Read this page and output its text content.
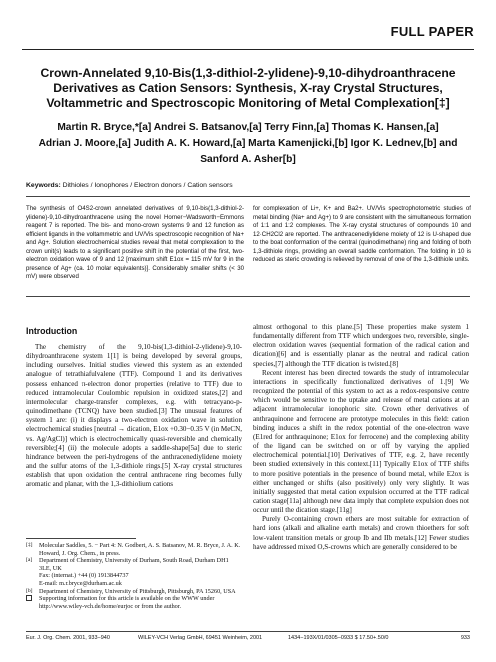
FULL PAPER
Crown-Annelated 9,10-Bis(1,3-dithiol-2-ylidene)-9,10-dihydroanthracene
Derivatives as Cation Sensors: Synthesis, X-ray Crystal Structures,
Voltammetric and Spectroscopic Monitoring of Metal Complexation[‡]
Martin R. Bryce,*[a] Andrei S. Batsanov,[a] Terry Finn,[a] Thomas K. Hansen,[a]
Adrian J. Moore,[a] Judith A. K. Howard,[a] Marta Kamenjicki,[b] Igor K. Lednev,[b] and
Sanford A. Asher[b]
Keywords: Dithioles / Ionophores / Electron donors / Cation sensors
The synthesis of O4S2-crown annelated derivatives of 9,10-bis(1,3-dithiol-2-ylidene)-9,10-dihydroanthracene using the novel Horner−Wadsworth−Emmons reagent 7 is reported. The bis- and mono-crown systems 9 and 12 function as efficient ligands in the voltammetric and UV/Vis spectroscopic recognition of Na+ and Ag+. Solution electrochemical studies reveal that metal complexation to the crown unit(s) leads to a significant positive shift in the potential of the first, two-electron oxidation wave of 9 and 12 [maximum shift E1ox = 115 mV for 9 in the presence of Ag+ (ca. 10 molar equivalents)]. Considerably smaller shifts (< 30 mV) were observed
for complexation of Li+, K+ and Ba2+. UV/Vis spectrophotometric studies of metal binding (Na+ and Ag+) to 9 are consistent with the simultaneous formation of 1:1 and 1:2 complexes. The X-ray crystal structures of compounds 10 and 12·CH2Cl2 are reported. The anthracenediylidene moiety of 12 is U-shaped due to the boat conformation of the central (quinodimethane) ring and folding of both 1,3-dithiole rings, providing an overall saddle conformation. The folding in 10 is reduced as steric crowding is relieved by removal of one of the 1,3-dithiole units.
Introduction

The chemistry of the 9,10-bis(1,3-dithiol-2-ylidene)-9,10-dihydroanthracene system 1[1] is being developed by several groups, including ourselves. Initial studies viewed this system as an extended analogue of tetrathiafulvalene (TTF). Compound 1 and its derivatives possess enhanced π-electron donor properties (relative to TTF) due to reduced intramolecular Coulombic repulsion in oxidized states,[2] and intermolecular charge-transfer complexes, e.g. with tetracyano-p-quinodimethane (TCNQ) have been studied.[3] The unusual features of system 1 are: (i) it displays a two-electron oxidation wave in solution electrochemical studies [neutral → dication, E1ox +0.30−0.35 V (in MeCN, vs. Ag/AgCl)] which is electrochemically quasi-reversible and chemically reversible;[4] (ii) the molecule adopts a saddle-shape[5a] due to steric hindrance between the peri-hydrogens of the anthracenediylidene moiety and the sulfur atoms of the 1,3-dithiole rings.[5] X-ray crystal structures establish that upon oxidation the central anthracene ring becomes fully aromatic and planar, with the 1,3-dithiolium cations

almost orthogonal to this plane.[5] These properties make system 1 fundamentally different from TTF which undergoes two, reversible, single-electron oxidation waves (sequential formation of the radical cation and dication)[6] and is essentially planar as the neutral and radical cation species,[7] although the TTF dication is twisted.[8]

Recent interest has been directed towards the study of intramolecular interactions in specifically functionalized derivatives of 1.[9] We recognized the potential of this system to act as a redox-responsive centre which would be sensitive to the uptake and release of metal cations at an adjacent intramolecular ionophoric site. Crown ether derivatives of anthraquinone and ferrocene are prototype molecules in this field: cation binding induces a shift in the redox potential of the one-electron wave (E1red for anthraquinone; E1ox for ferrocene) and the complexing ability of the ligand can be switched on or off by varying the applied electrochemical potential.[10] Derivatives of TTF, e.g. 2, have recently been studied extensively in this context.[11] Typically E1ox of TTF shifts to more positive potentials in the presence of bound metal, while E2ox is either unchanged or shifts (also positively) only very slightly. It was initially suggested that metal cation expulsion occurred at the TTF radical cation stage[11a] although new data imply that complete expulsion does not occur until the dication stage.[11g]

Purely O-containing crown ethers are most suitable for extraction of hard ions (alkali and alkaline earth metals) and crown thioethers for soft low-valent transition metals or group Ib and IIb metals.[12] Fewer studies have addressed mixed O,S-crowns which are generally considered to be

[‡]	Molecular Saddles, 5. − Part 4: N. Godbert, A. S. Batsanov, M. R. Bryce, J. A. K. Howard, J. Org. Chem., in press.
[a]	Department of Chemistry, University of Durham, South Road, Durham DH1 3LE, UK
Fax: (internat.) +44 (0) 1913844737
E-mail: m.r.bryce@durham.ac.uk
[b]	Department of Chemistry, University of Pittsburgh, Pittsburgh, PA 15260, USA
Supporting information for this article is available on the WWW under http://www.wiley-vch.de/home/eurjoc or from the author.
Eur. J. Org. Chem. 2001, 933−940	WILEY-VCH Verlag GmbH, 69451 Weinheim, 2001	1434−193X/01/0305−0933 $ 17.50+.50/0	933
